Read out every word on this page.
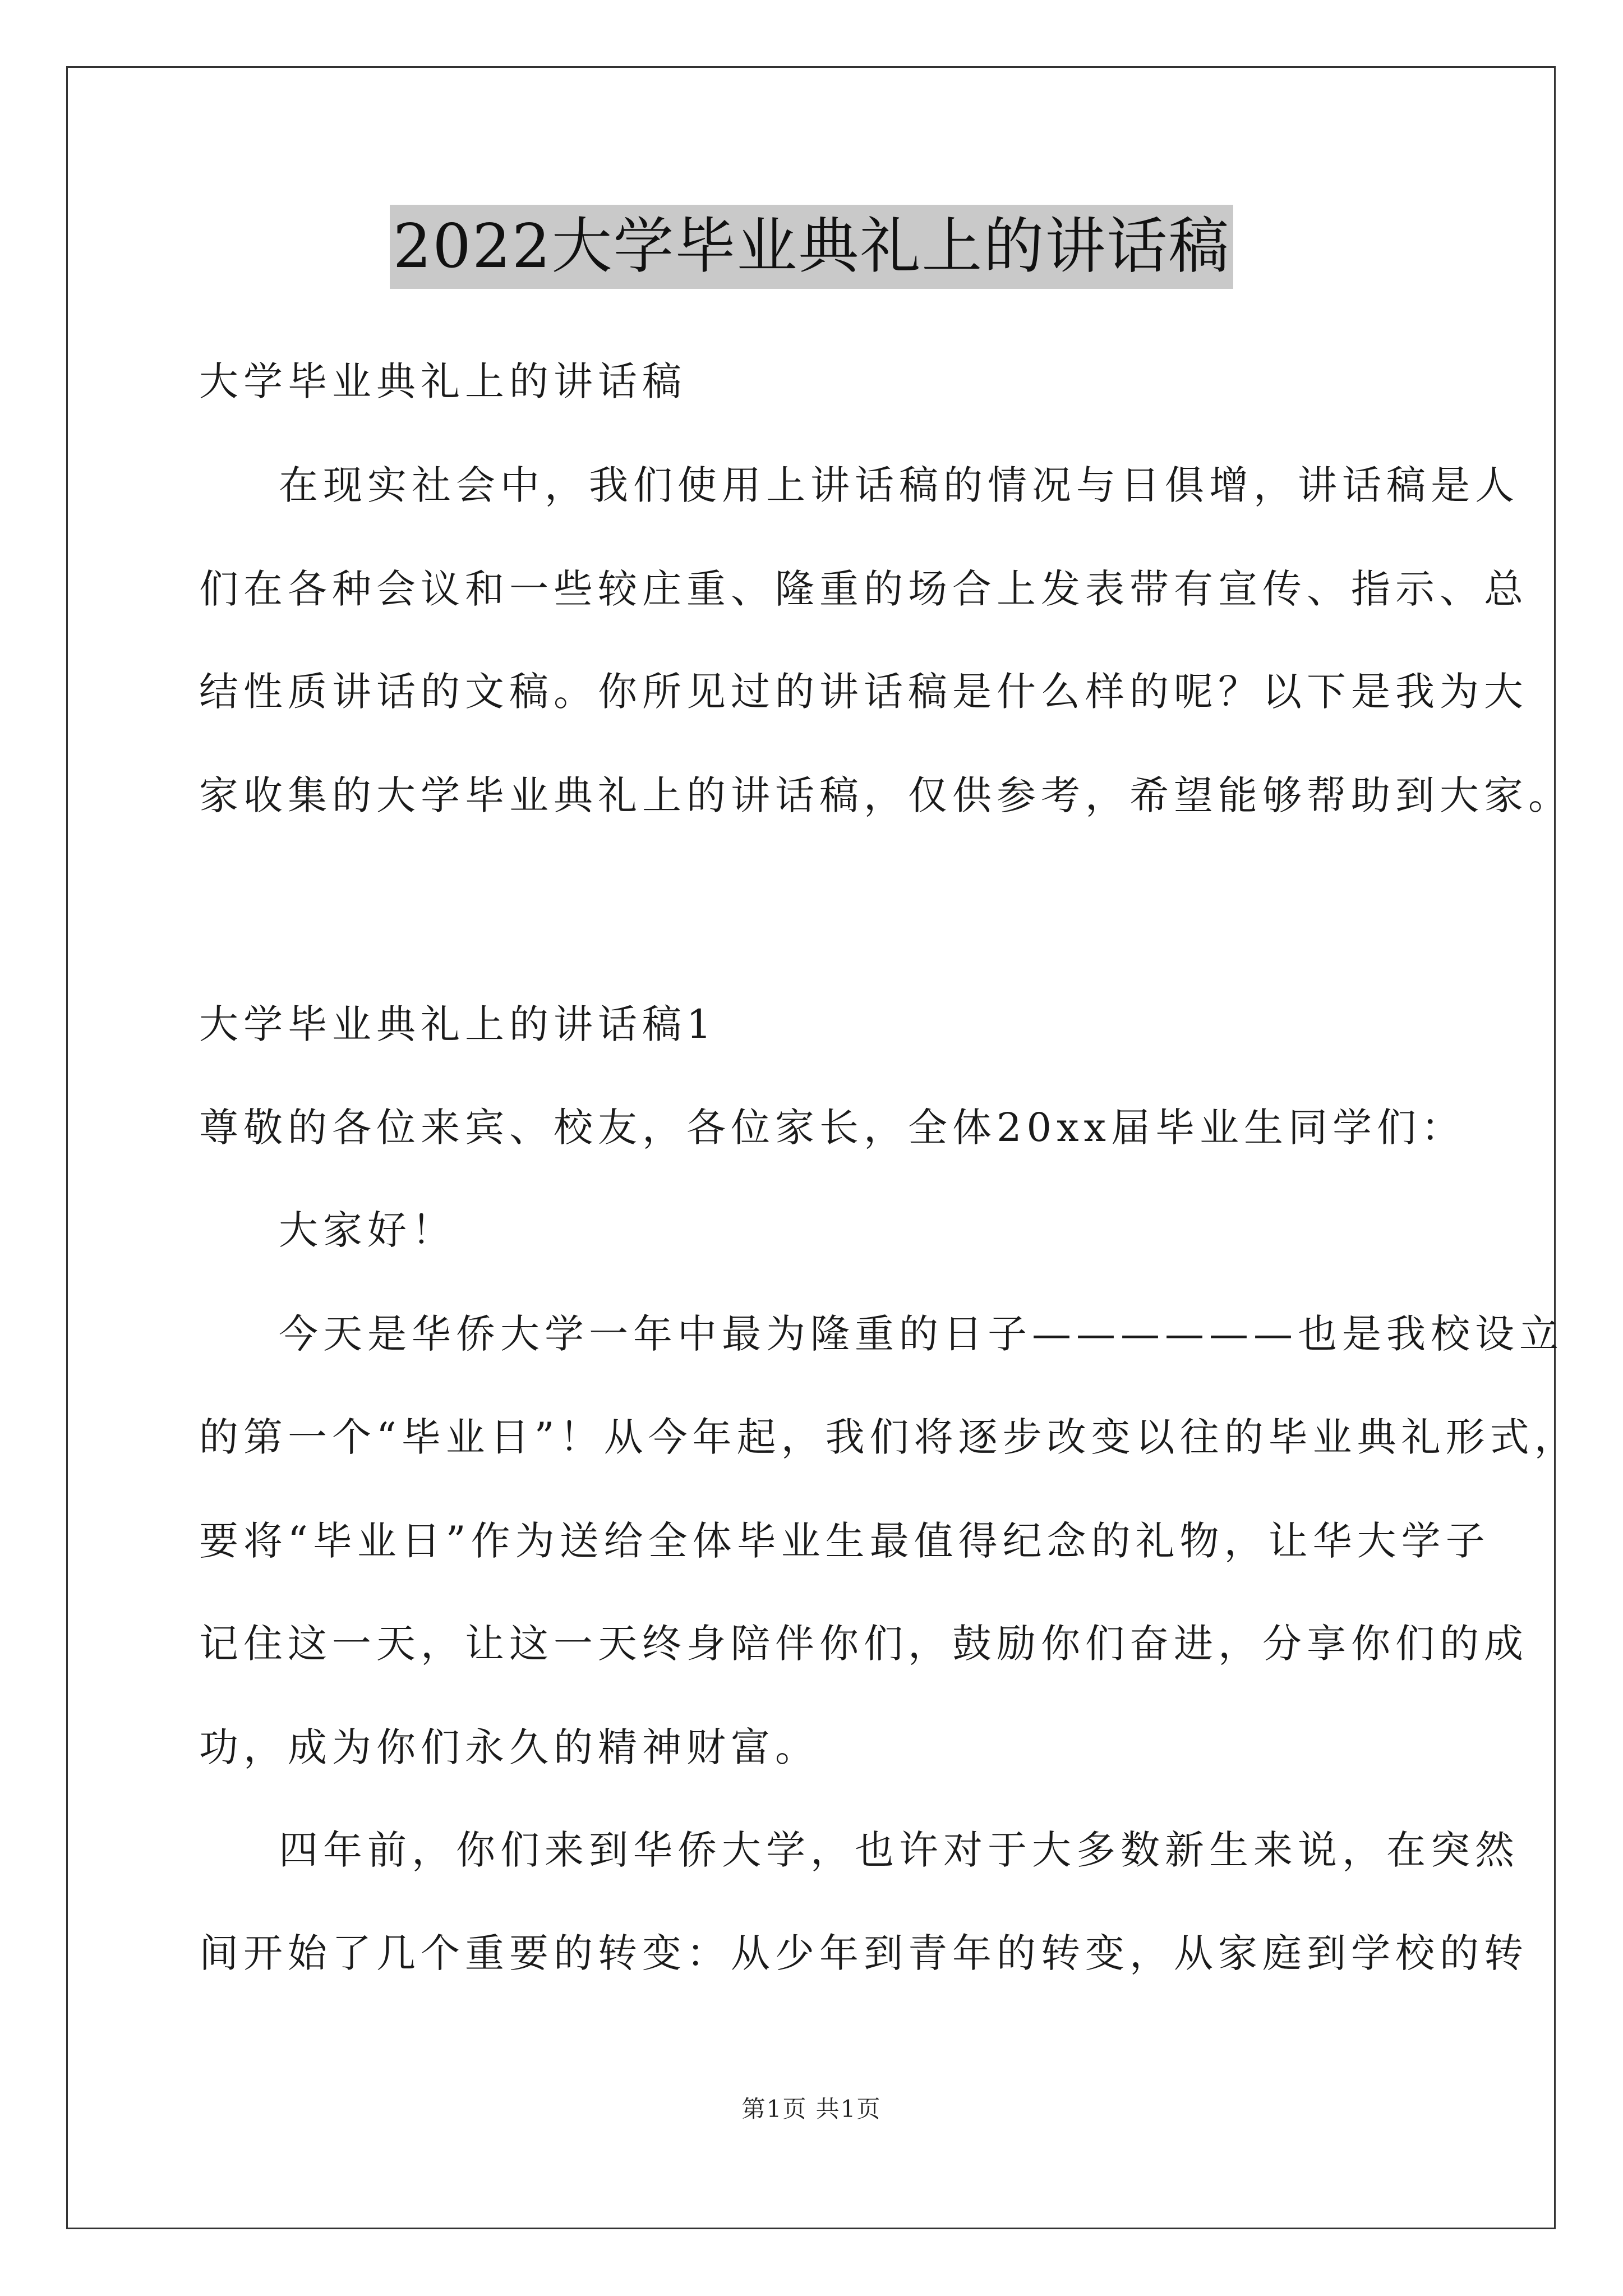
2022大学毕业典礼上的讲话稿
大学毕业典礼上的讲话稿
在现实社会中，我们使用上讲话稿的情况与日俱增，讲话稿是人
们在各种会议和一些较庄重、隆重的场合上发表带有宣传、指示、总
结性质讲话的文稿。你所见过的讲话稿是什么样的呢？以下是我为大
家收集的大学毕业典礼上的讲话稿，仅供参考，希望能够帮助到大家。
大学毕业典礼上的讲话稿1
尊敬的各位来宾、校友，各位家长，全体20xx届毕业生同学们：
大家好！
今天是华侨大学一年中最为隆重的日子——————也是我校设立
的第一个“毕业日”！从今年起，我们将逐步改变以往的毕业典礼形式，
要将“毕业日”作为送给全体毕业生最值得纪念的礼物，让华大学子
记住这一天，让这一天终身陪伴你们，鼓励你们奋进，分享你们的成
功，成为你们永久的精神财富。
四年前，你们来到华侨大学，也许对于大多数新生来说，在突然
间开始了几个重要的转变：从少年到青年的转变，从家庭到学校的转
第1页 共1页
